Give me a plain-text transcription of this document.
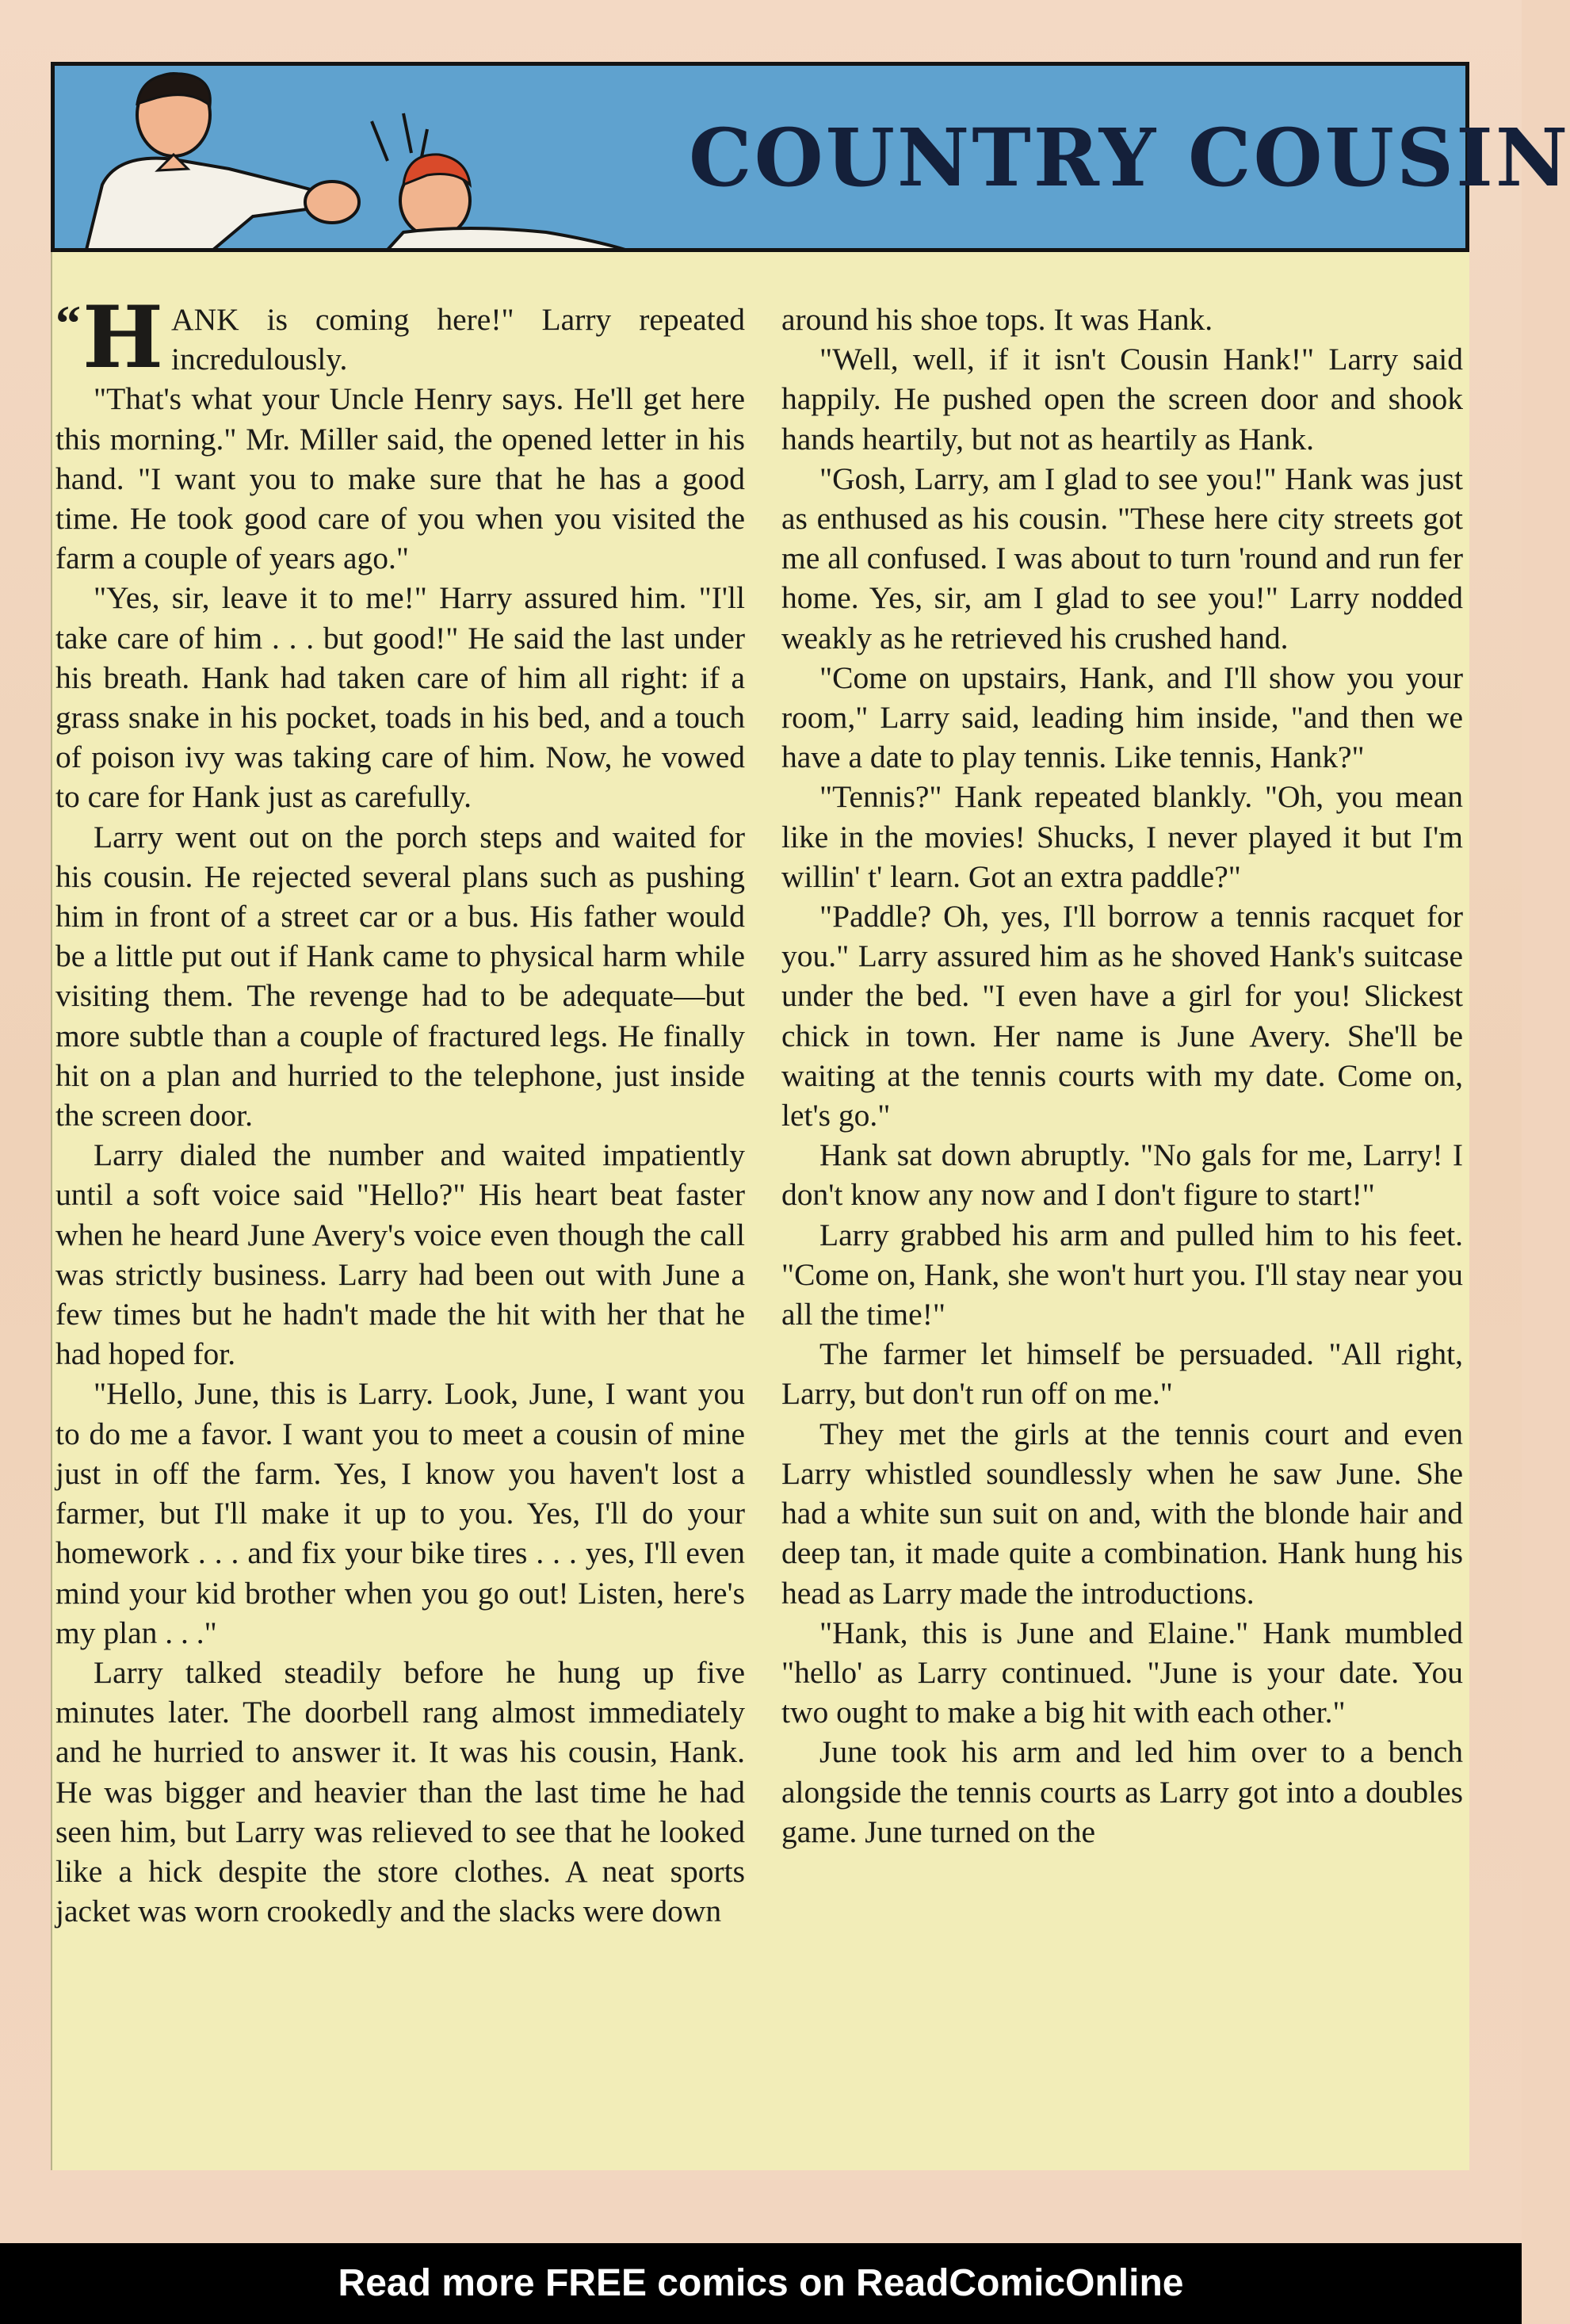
COUNTRY COUSIN

“ H ANK is coming here!" Larry repeated incredulously.

"That's what your Uncle Henry says. He'll get here this morning." Mr. Miller said, the opened letter in his hand. "I want you to make sure that he has a good time. He took good care of you when you visited the farm a couple of years ago."

"Yes, sir, leave it to me!" Harry assured him. "I'll take care of him . . . but good!" He said the last under his breath. Hank had taken care of him all right: if a grass snake in his pocket, toads in his bed, and a touch of poison ivy was taking care of him. Now, he vowed to care for Hank just as carefully.

Larry went out on the porch steps and waited for his cousin. He rejected several plans such as pushing him in front of a street car or a bus. His father would be a little put out if Hank came to physical harm while visiting them. The revenge had to be adequate—but more subtle than a couple of fractured legs. He finally hit on a plan and hurried to the telephone, just inside the screen door.

Larry dialed the number and waited impatiently until a soft voice said "Hello?" His heart beat faster when he heard June Avery's voice even though the call was strictly business. Larry had been out with June a few times but he hadn't made the hit with her that he had hoped for.

"Hello, June, this is Larry. Look, June, I want you to do me a favor. I want you to meet a cousin of mine just in off the farm. Yes, I know you haven't lost a farmer, but I'll make it up to you. Yes, I'll do your homework . . . and fix your bike tires . . . yes, I'll even mind your kid brother when you go out! Listen, here's my plan . . ."

Larry talked steadily before he hung up five minutes later. The doorbell rang almost immediately and he hurried to answer it. It was his cousin, Hank. He was bigger and heavier than the last time he had seen him, but Larry was relieved to see that he looked like a hick despite the store clothes. A neat sports jacket was worn crookedly and the slacks were down

around his shoe tops. It was Hank.

"Well, well, if it isn't Cousin Hank!" Larry said happily. He pushed open the screen door and shook hands heartily, but not as heartily as Hank.

"Gosh, Larry, am I glad to see you!" Hank was just as enthused as his cousin. "These here city streets got me all confused. I was about to turn 'round and run fer home. Yes, sir, am I glad to see you!" Larry nodded weakly as he retrieved his crushed hand.

"Come on upstairs, Hank, and I'll show you your room," Larry said, leading him inside, "and then we have a date to play tennis. Like tennis, Hank?"

"Tennis?" Hank repeated blankly. "Oh, you mean like in the movies! Shucks, I never played it but I'm willin' t' learn. Got an extra paddle?"

"Paddle? Oh, yes, I'll borrow a tennis racquet for you." Larry assured him as he shoved Hank's suitcase under the bed. "I even have a girl for you! Slickest chick in town. Her name is June Avery. She'll be waiting at the tennis courts with my date. Come on, let's go."

Hank sat down abruptly. "No gals for me, Larry! I don't know any now and I don't figure to start!"

Larry grabbed his arm and pulled him to his feet. "Come on, Hank, she won't hurt you. I'll stay near you all the time!"

The farmer let himself be persuaded. "All right, Larry, but don't run off on me."

They met the girls at the tennis court and even Larry whistled soundlessly when he saw June. She had a white sun suit on and, with the blonde hair and deep tan, it made quite a combination. Hank hung his head as Larry made the introductions.

"Hank, this is June and Elaine." Hank mumbled "hello' as Larry continued. "June is your date. You two ought to make a big hit with each other."

June took his arm and led him over to a bench alongside the tennis courts as Larry got into a doubles game. June turned on the

Read more FREE comics on ReadComicOnline
